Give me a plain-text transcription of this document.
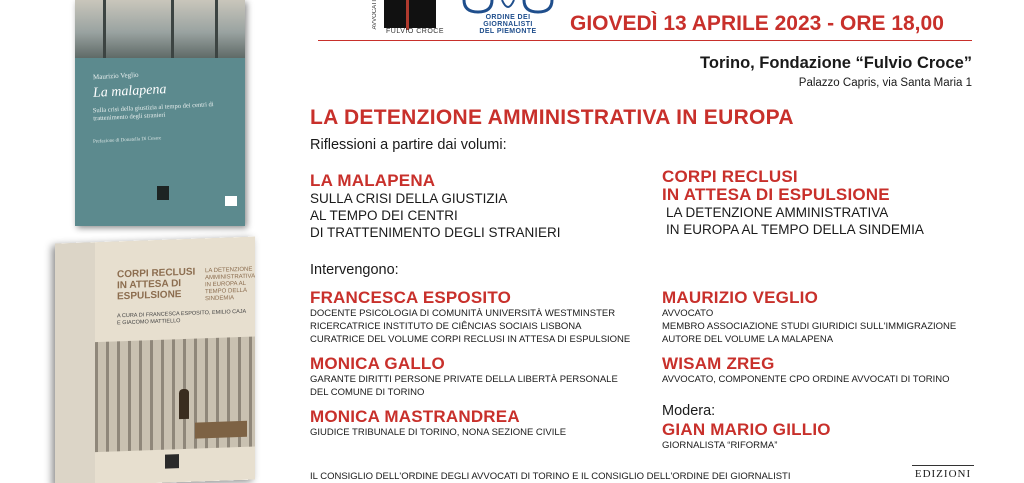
Maurizio Veglio
La malapena
Sulla crisi della giustizia al tempo dei centri di trattenimento degli stranieri
Prefazione di Donatella Di Cesare
CORPI RECLUSI IN ATTESA DI ESPULSIONE
LA DETENZIONE AMMINISTRATIVA IN EUROPA AL TEMPO DELLA SINDEMIA
A CURA DI FRANCESCA ESPOSITO, EMILIO CAJA E GIACOMO MATTIELLO
AVVOCATI
FULVIO CROCE
ORDINE DEI
GIORNALISTI
DEL PIEMONTE	GIOVEDÌ 13 APRILE 2023 - ORE 18,00
Torino, Fondazione “Fulvio Croce”
Palazzo Capris, via Santa Maria 1
LA DETENZIONE AMMINISTRATIVA IN EUROPA
Riflessioni a partire dai volumi:
LA MALAPENA
SULLA CRISI DELLA GIUSTIZIA
AL TEMPO DEI CENTRI
DI TRATTENIMENTO DEGLI STRANIERI
CORPI RECLUSI
IN ATTESA DI ESPULSIONE
LA DETENZIONE AMMINISTRATIVA
IN EUROPA AL TEMPO DELLA SINDEMIA
Intervengono:
Modera:
FRANCESCA ESPOSITO
DOCENTE PSICOLOGIA DI COMUNITÀ UNIVERSITÀ WESTMINSTER
RICERCATRICE INSTITUTO DE CIÊNCIAS SOCIAIS LISBONA
CURATRICE DEL VOLUME CORPI RECLUSI IN ATTESA DI ESPULSIONE
MONICA GALLO
GARANTE DIRITTI PERSONE PRIVATE DELLA LIBERTÀ PERSONALE
DEL COMUNE DI TORINO
MONICA MASTRANDREA
GIUDICE TRIBUNALE DI TORINO, NONA SEZIONE CIVILE
MAURIZIO VEGLIO
AVVOCATO
MEMBRO ASSOCIAZIONE STUDI GIURIDICI SULL'IMMIGRAZIONE
AUTORE DEL VOLUME LA MALAPENA
WISAM ZREG
AVVOCATO, COMPONENTE CPO ORDINE AVVOCATI DI TORINO
GIAN MARIO GILLIO
GIORNALISTA “RIFORMA”
IL CONSIGLIO DELL'ORDINE DEGLI AVVOCATI DI TORINO E IL CONSIGLIO DELL'ORDINE DEI GIORNALISTI	EDIZIONI
